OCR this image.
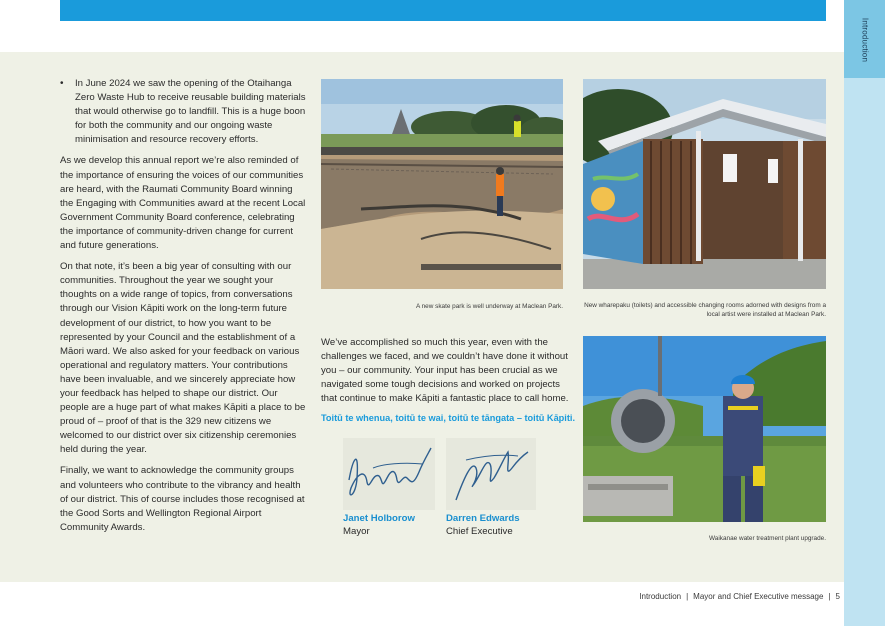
Introduction
•	In June 2024 we saw the opening of the Otaihanga Zero Waste Hub to receive reusable building materials that would otherwise go to landfill. This is a huge boon for both the community and our ongoing waste minimisation and resource recovery efforts.

As we develop this annual report we’re also reminded of the importance of ensuring the voices of our communities are heard, with the Raumati Community Board winning the Engaging with Communities award at the recent Local Government Community Board conference, celebrating the importance of community-driven change for current and future generations.

On that note, it’s been a big year of consulting with our communities. Throughout the year we sought your thoughts on a wide range of topics, from conversations through our Vision Kāpiti work on the long-term future development of our district, to how you want to be represented by your Council and the establishment of a Māori ward. We also asked for your feedback on various operational and regulatory matters. Your contributions have been invaluable, and we sincerely appreciate how your feedback has helped to shape our district. Our people are a huge part of what makes Kāpiti a place to be proud of – proof of that is the 329 new citizens we welcomed to our district over six citizenship ceremonies held during the year.

Finally, we want to acknowledge the community groups and volunteers who contribute to the vibrancy and health of our district. This of course includes those recognised at the Good Sorts and Wellington Regional Airport Community Awards.

A new skate park is well underway at Maclean Park.	New wharepaku (toilets) and accessible changing rooms adorned with designs from a local artist were installed at Maclean Park.
We’ve accomplished so much this year, even with the challenges we faced, and we couldn’t have done it without you – our community. Your input has been crucial as we navigated some tough decisions and worked on projects that continue to make Kāpiti a fantastic place to call home.
Toitū te whenua, toitū te wai, toitū te tāngata – toitū Kāpiti.
Janet Holborow
Mayor
Darren Edwards
Chief Executive
Waikanae water treatment plant upgrade.
Introduction | Mayor and Chief Executive message | 5
